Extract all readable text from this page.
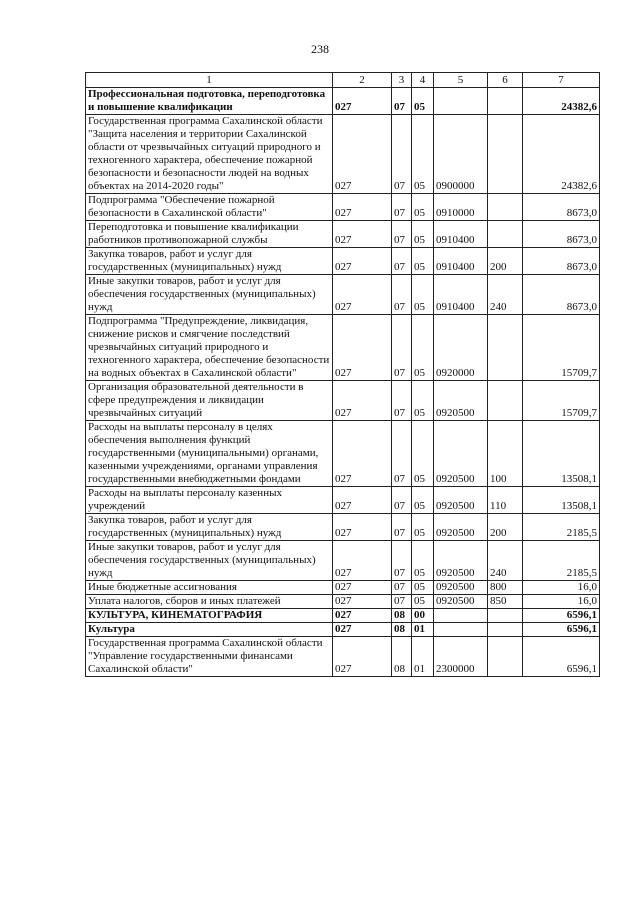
238
1	2	3	4	5	6	7
Профессиональная подготовка, переподготовка и повышение квалификации	027	07	05			24382,6
Государственная программа Сахалинской области "Защита населения и территории Сахалинской области от чрезвычайных ситуаций природного и техногенного характера, обеспечение пожарной безопасности и безопасности людей на водных объектах на 2014-2020 годы"	027	07	05	0900000		24382,6
Подпрограмма "Обеспечение пожарной безопасности в Сахалинской области"	027	07	05	0910000		8673,0
Переподготовка и повышение квалификации работников противопожарной службы	027	07	05	0910400		8673,0
Закупка товаров, работ и услуг для государственных (муниципальных) нужд	027	07	05	0910400	200	8673,0
Иные закупки товаров, работ и услуг для обеспечения государственных (муниципальных) нужд	027	07	05	0910400	240	8673,0
Подпрограмма "Предупреждение, ликвидация, снижение рисков и смягчение последствий чрезвычайных ситуаций природного и техногенного характера, обеспечение безопасности на водных объектах в Сахалинской области"	027	07	05	0920000		15709,7
Организация образовательной деятельности в сфере предупреждения и ликвидации чрезвычайных ситуаций	027	07	05	0920500		15709,7
Расходы на выплаты персоналу в целях обеспечения выполнения функций государственными (муниципальными) органами, казенными учреждениями, органами управления государственными внебюджетными фондами	027	07	05	0920500	100	13508,1
Расходы на выплаты персоналу казенных учреждений	027	07	05	0920500	110	13508,1
Закупка товаров, работ и услуг для государственных (муниципальных) нужд	027	07	05	0920500	200	2185,5
Иные закупки товаров, работ и услуг для обеспечения государственных (муниципальных) нужд	027	07	05	0920500	240	2185,5
Иные бюджетные ассигнования	027	07	05	0920500	800	16,0
Уплата налогов, сборов и иных платежей	027	07	05	0920500	850	16,0
КУЛЬТУРА, КИНЕМАТОГРАФИЯ	027	08	00			6596,1
Культура	027	08	01			6596,1
Государственная программа Сахалинской области "Управление государственными финансами Сахалинской области"	027	08	01	2300000		6596,1
